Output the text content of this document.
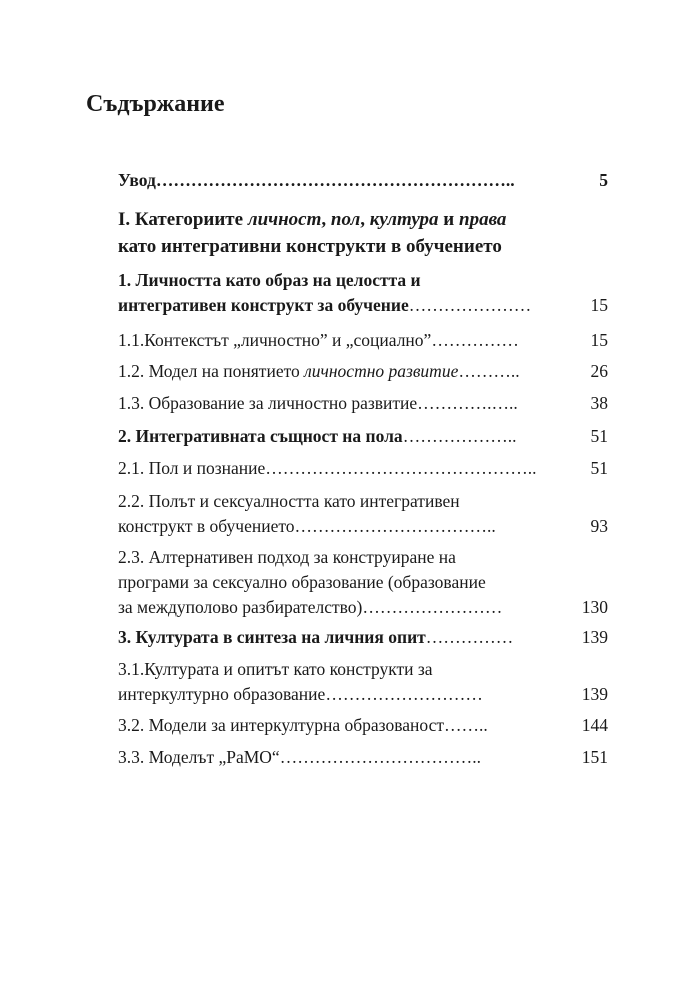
Съдържание
Увод ……………………………………………………..	5
I. Категориите личност, пол, култура и права
като интегративни конструкти в обучението
1. Личността като образ на целостта и
интегративен конструкт за обучение …………………	15
1.1.Контекстът „личностно” и „социално” ……………	15
1.2. Модел на понятието личностно развитие ………..	26
1.3. Образование за личностно развитие ………….…..	38
2. Интегративната същност на пола ………………..	51
2.1. Пол и познание ………………………………………..	51
2.2. Полът и сексуалността като интегративен
конструкт в обучението ……………………………..	93
2.3. Алтернативен подход за конструиране на
програми за сексуално образование (образование
за междуполово разбирателство) ……………………	130
3. Културата в синтеза на личния опит ……………	139
3.1.Културата и опитът като конструкти за
интеркултурно образование ………………………	139
3.2. Модели за интеркултурна образованост ……..	144
3.3. Моделът „РаМО“ ……………………………..	151
